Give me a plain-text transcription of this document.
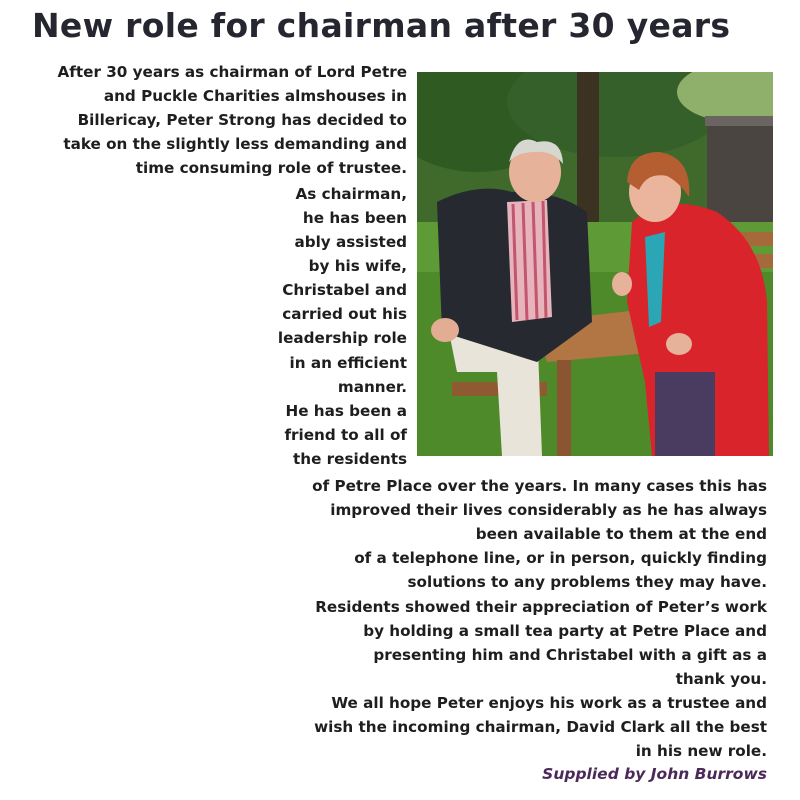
New role for chairman after 30 years
After 30 years as chairman of Lord Petre
and Puckle Charities almshouses in
Billericay, Peter Strong has decided to
take on the slightly less demanding and
time consuming role of trustee.
As chairman,
he has been
ably assisted
by his wife,
Christabel and
carried out his
leadership role
in an efficient
manner.
He has been a
friend to all of
the residents
of Petre Place over the years. In many cases this has
improved their lives considerably as he has always
been available to them at the end
of a telephone line, or in person, quickly finding
solutions to any problems they may have.
Residents showed their appreciation of Peter’s work
by holding a small tea party at Petre Place and
presenting him and Christabel with a gift as a
thank you.
We all hope Peter enjoys his work as a trustee and
wish the incoming chairman, David Clark all the best
in his new role.
Supplied by John Burrows
